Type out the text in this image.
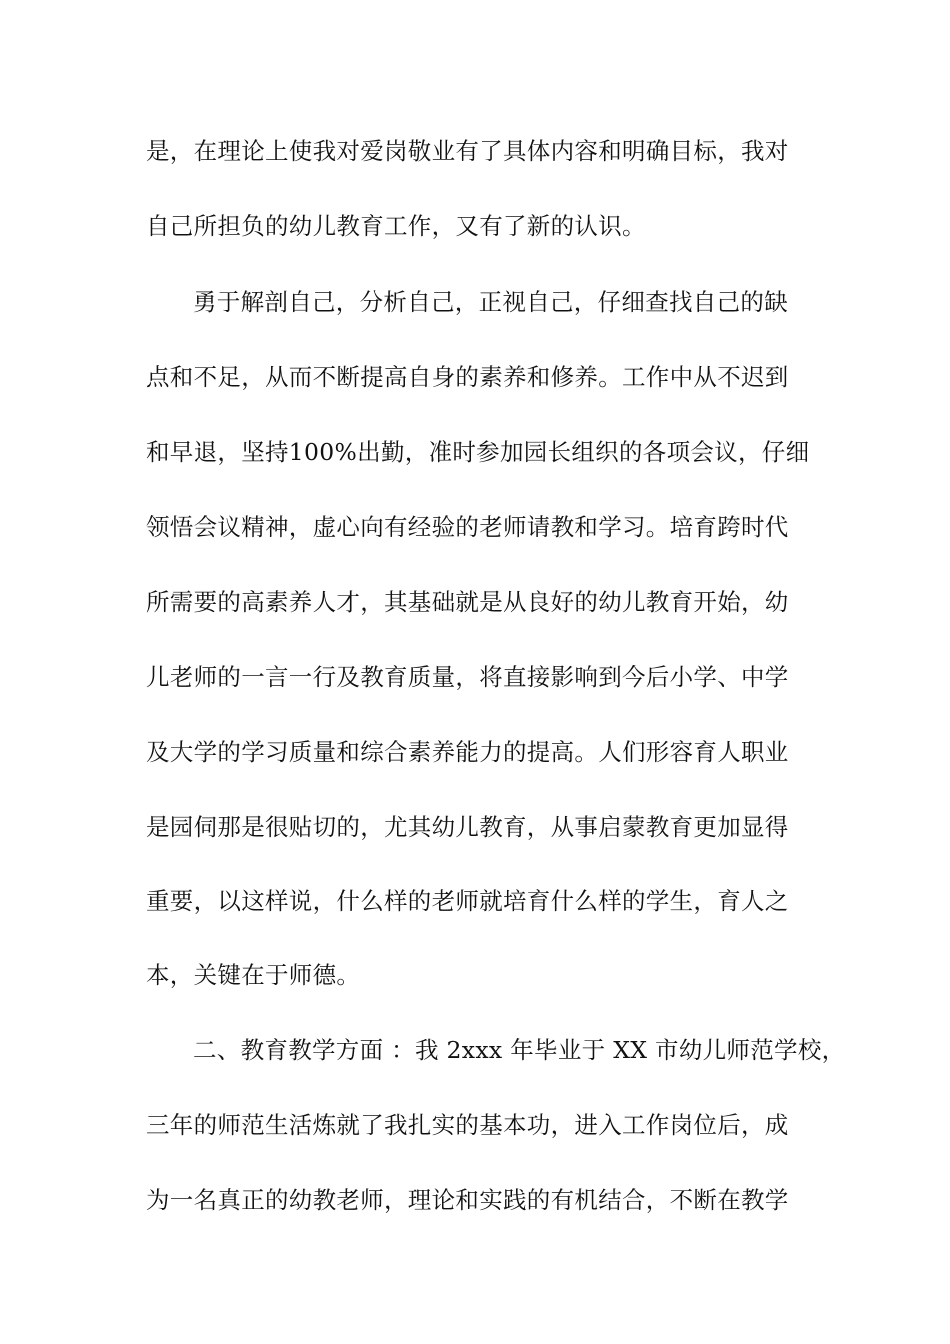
是，在理论上使我对爱岗敬业有了具体内容和明确目标，我对
自己所担负的幼儿教育工作，又有了新的认识。
勇于解剖自己，分析自己，正视自己，仔细查找自己的缺
点和不足，从而不断提高自身的素养和修养。工作中从不迟到
和早退，坚持100%出勤，准时参加园长组织的各项会议，仔细
领悟会议精神，虚心向有经验的老师请教和学习。培育跨时代
所需要的高素养人才，其基础就是从良好的幼儿教育开始，幼
儿老师的一言一行及教育质量，将直接影响到今后小学、中学
及大学的学习质量和综合素养能力的提高。人们形容育人职业
是园伺那是很贴切的，尤其幼儿教育，从事启蒙教育更加显得
重要，以这样说，什么样的老师就培育什么样的学生，育人之
本，关键在于师德。
二、教育教学方面 ：我 2xxx 年毕业于 XX 市幼儿师范学校，
三年的师范生活炼就了我扎实的基本功，进入工作岗位后，成
为一名真正的幼教老师，理论和实践的有机结合，不断在教学
